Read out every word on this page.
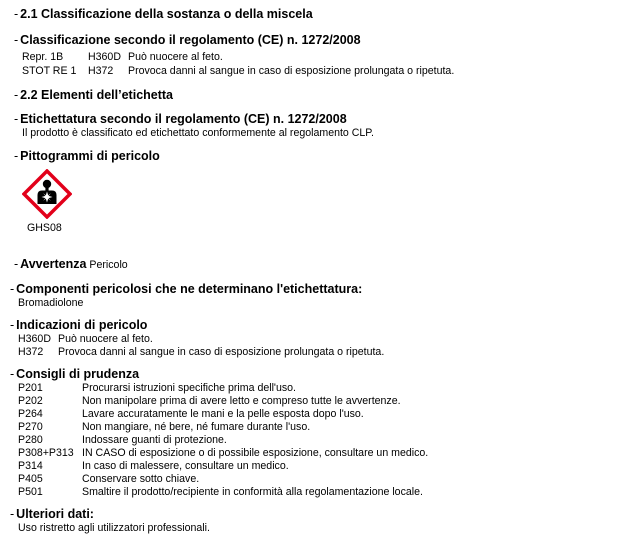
- 2.1 Classificazione della sostanza o della miscela
- Classificazione secondo il regolamento (CE) n. 1272/2008
Repr. 1B H360D Può nuocere al feto.
STOT RE 1 H372 Provoca danni al sangue in caso di esposizione prolungata o ripetuta.
- 2.2 Elementi dell’etichetta
- Etichettatura secondo il regolamento (CE) n. 1272/2008
Il prodotto è classificato ed etichettato conformemente al regolamento CLP.
- Pittogrammi di pericolo
GHS08
- Avvertenza Pericolo
- Componenti pericolosi che ne determinano l'etichettatura:
Bromadiolone
- Indicazioni di pericolo
H360D Può nuocere al feto.
H372 Provoca danni al sangue in caso di esposizione prolungata o ripetuta.
- Consigli di prudenza
P201	Procurarsi istruzioni specifiche prima dell'uso.
P202	Non manipolare prima di avere letto e compreso tutte le avvertenze.
P264	Lavare accuratamente le mani e la pelle esposta dopo l'uso.
P270	Non mangiare, né bere, né fumare durante l'uso.
P280	Indossare guanti di protezione.
P308+P313 IN CASO di esposizione o di possibile esposizione, consultare un medico.
P314	In caso di malessere, consultare un medico.
P405	Conservare sotto chiave.
P501	Smaltire il prodotto/recipiente in conformità alla regolamentazione locale.
- Ulteriori dati:
Uso ristretto agli utilizzatori professionali.
